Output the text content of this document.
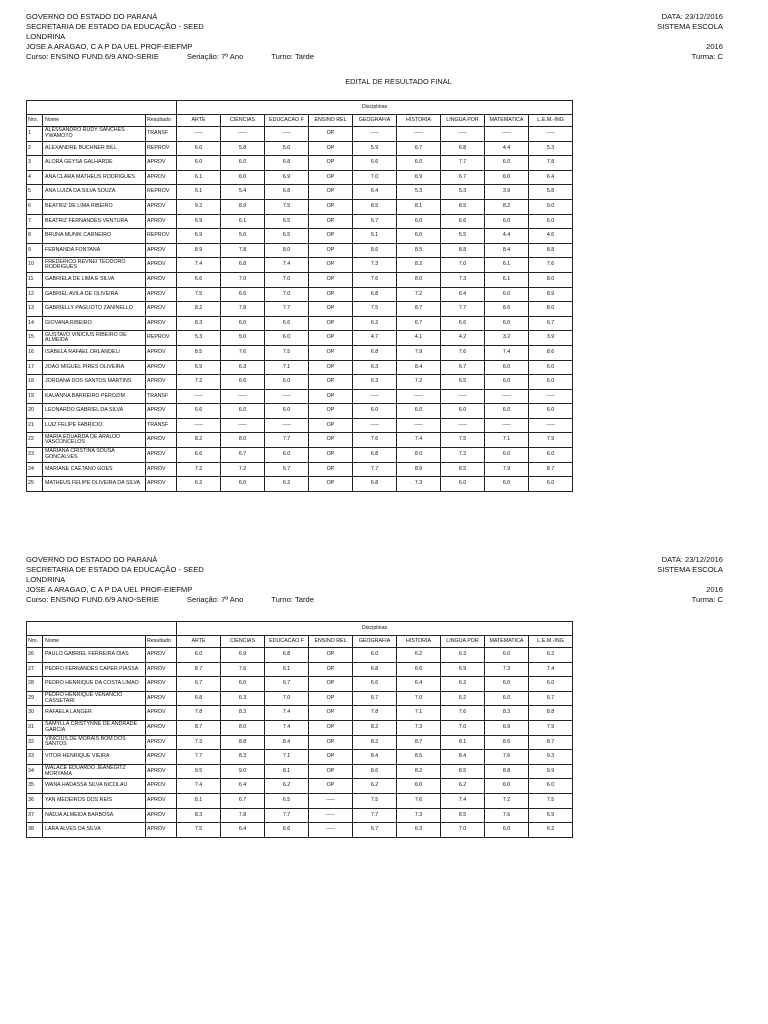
GOVERNO DO ESTADO DO PARANÁ
SECRETARIA DE ESTADO DA EDUCAÇÃO - SEED
LONDRINA
JOSE A ARAGAO, C A P DA UEL PROF-EIEFMP
Curso: ENSINO FUND.6/9 ANO-SERIE	Seriação: 7º Ano	Turno: Tarde
DATA: 23/12/2016
SISTEMA ESCOLA
2016
Turma: C
EDITAL DE RESULTADO FINAL
			Disciplinas								
Nro.	Nome	Resultado	ARTE	CIENCIAS	EDUCACAO F	ENSINO REL	GEOGRAFIA	HISTORIA	LINGUA POR	MATEMATICA	L.E.M.-ING
1	ALESSANDRO RUDY SANCHES YWAMOTO	TRANSF	-----	-----	-----	OP	-----	-----	-----	-----	-----
2	ALEXANDRE BUCHNER BILL	REPROV	6.0	5.8	5.0	OP	5.9	6.7	6.8	4.4	5.3
3	ALORA GEYSA GALHARDE	APROV	6.0	6.0	6.8	OP	6.6	6.0	7.7	6.0	7.8
4	ANA CLARA MATHEUS RODRIGUES	APROV	6.1	6.0	6.9	OP	7.0	6.9	6.7	6.0	6.4
5	ANA LUIZA DA SILVA SOUZA	REPROV	6.1	5.4	6.8	OP	6.4	5.3	5.3	3.9	5.8
6	BEATRIZ DE LIMA RIBEIRO	APROV	9.2	8.9	7.5	OP	8.5	8.1	8.5	8.2	9.0
7	BEATRIZ FERNANDES VENTURA	APROV	6.9	6.1	6.5	OP	6.7	6.0	6.6	6.0	6.0
8	BRUNA MUNIK CARNEIRO	REPROV	6.9	5.0	6.5	OP	5.1	6.0	5.5	4.4	4.6
9	FERNANDA FONTANA	APROV	8.9	7.8	8.0	OP	8.6	8.5	8.8	8.4	8.8
10	FREDERICO REVNEI TEODORO RODRIGUES	APROV	7.4	6.8	7.4	OP	7.3	8.2	7.0	6.1	7.6
11	GABRIELA DE LIMA E SILVA	APROV	6.6	7.0	7.0	OP	7.6	8.0	7.3	6.1	8.0
12	GABRIEL AVILA DE OLIVEIRA	APROV	7.5	6.6	7.0	OP	6.8	7.2	6.4	6.0	8.9
13	GABRIELLY PAGLIOTO ZANINELLO	APROV	8.2	7.8	7.7	OP	7.5	8.7	7.7	8.6	8.0
14	GIOVANA RIBEIRO	APROV	8.3	6.0	6.6	OP	6.2	6.7	6.6	6.0	6.7
15	GUSTAVO VINICIUS RIBEIRO DE ALMEIDA	REPROV	5.3	5.0	6.0	OP	4.7	4.1	4.2	3.2	3.9
16	ISABELA RAFAEL ORLANDELI	APROV	8.5	7.6	7.5	OP	6.8	7.9	7.6	7.4	8.6
17	JOAO MIGUEL PIRES OLIVEIRA	APROV	6.9	6.3	7.1	OP	6.3	8.4	6.7	6.0	6.0
18	JORDANA DOS SANTOS MARTINS	APROV	7.2	6.6	6.0	OP	6.3	7.2	6.5	6.0	6.0
19	KAUANNA BARREIRO PEROZIM	TRANSF	-----	-----	-----	OP	-----	-----	-----	-----	-----
20	LEONARDO GABRIEL DA SILVA	APROV	6.6	6.0	6.0	OP	6.0	6.0	6.0	6.0	6.0
21	LUIZ FELIPE FABRICIO	TRANSF	-----	-----	-----	OP	-----	-----	-----	-----	-----
22	MARIA EDUARDA DE ARAUJO VASCONCELOS	APROV	8.2	8.0	7.7	OP	7.6	7.4	7.5	7.1	7.9
23	MARIANA CRISTINA SOUSA GONCALVES	APROV	6.6	6.7	6.0	OP	6.8	8.0	7.2	6.0	6.0
24	MARIANE CAETANO GOES	APROV	7.2	7.2	6.7	OP	7.7	8.9	8.5	7.9	8.7
25	MATHEUS FELIPE OLIVEIRA DA SILVA	APROV	6.2	6.0	6.2	OP	6.8	7.3	6.0	6.0	6.0
GOVERNO DO ESTADO DO PARANÁ
SECRETARIA DE ESTADO DA EDUCAÇÃO - SEED
LONDRINA
JOSE A ARAGAO, C A P DA UEL PROF-EIEFMP
Curso: ENSINO FUND.6/9 ANO-SERIE	Seriação: 7º Ano	Turno: Tarde
DATA: 23/12/2016
SISTEMA ESCOLA
2016
Turma: C
			Disciplinas								
Nro.	Nome	Resultado	ARTE	CIENCIAS	EDUCACAO F	ENSINO REL	GEOGRAFIA	HISTORIA	LINGUA POR	MATEMATICA	L.E.M.-ING
26	PAULO GABRIEL FERREIRA DIAS	APROV	6.0	6.9	6.8	OP	6.0	6.2	6.3	6.0	6.2
27	PEDRO FERNANDES CAPER PIASSA	APROV	8.7	7.6	6.1	OP	6.8	6.6	6.9	7.3	7.4
28	PEDRO HENRIQUE DA COSTA LIMAO	APROV	6.7	6.0	6.7	OP	6.6	6.4	6.2	6.0	6.0
29	PEDRO HENRIQUE VENANCIO CASSETARI	APROV	6.8	6.3	7.0	OP	6.7	7.0	6.2	6.0	6.7
30	RAFAELA LANGER	APROV	7.8	8.3	7.4	OP	7.8	7.1	7.6	8.3	8.8
31	SAMYLLA CRISTYNNE DE ANDRADE GARCIA	APROV	8.7	8.0	7.4	OP	8.2	7.3	7.0	6.9	7.9
32	VINICIUS DE MORAIS BOM DOS SANTOS	APROV	7.3	8.8	8.4	OP	8.2	8.7	8.1	8.6	8.7
33	VITOR HENRIQUE VIEIRA	APROV	7.7	8.3	7.1	OP	8.4	8.5	8.4	7.6	9.3
34	WALACE EDUARDO JEANEGITZ MORYAMA	APROV	9.5	9.0	8.1	OP	8.6	8.2	8.5	8.8	9.9
35	WANA HADASSA SILVA NICOLAU	APROV	7.4	6.4	6.2	OP	6.2	6.0	6.2	6.0	6.0
36	YAN MEDEIROS DOS REIS	APROV	8.1	6.7	6.5	-----	7.5	7.6	7.4	7.2	7.5
37	NADJA ALMEIDA BARBOSA	APROV	8.3	7.8	7.7	-----	7.7	7.3	8.5	7.6	6.9
38	LARA ALVES DA SILVA	APROV	7.5	6.4	6.6	-----	6.7	6.3	7.0	6.0	6.2
